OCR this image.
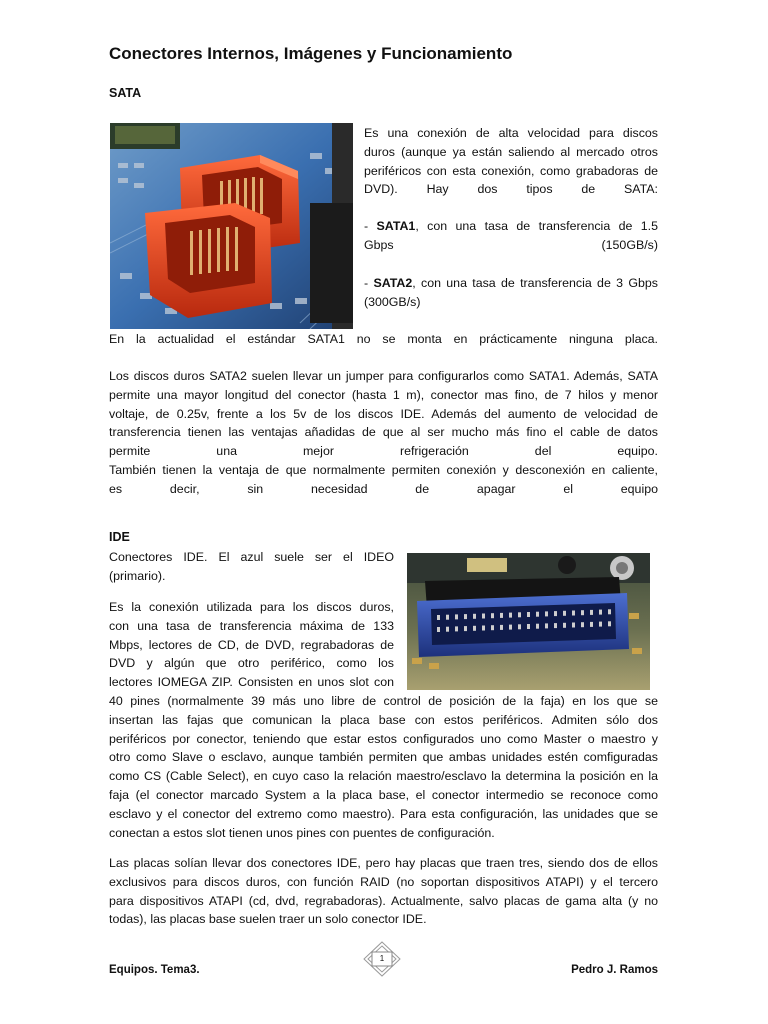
Conectores Internos, Imágenes y Funcionamiento
SATA
Es una conexión de alta velocidad para discos
duros (aunque ya están saliendo al mercado otros
periféricos con esta conexión, como grabadoras de
DVD). Hay dos tipos de SATA:
- SATA1, con una tasa de transferencia de 1.5
Gbps (150GB/s)
- SATA2, con una tasa de transferencia de 3 Gbps
(300GB/s)
En la actualidad el estándar SATA1 no se monta en prácticamente ninguna placa.
Los discos duros SATA2 suelen llevar un jumper para configurarlos como SATA1. Además, SATA
permite una mayor longitud del conector (hasta 1 m), conector mas fino, de 7 hilos y menor
voltaje, de 0.25v, frente a los 5v de los discos IDE. Además del aumento de velocidad de
transferencia tienen las ventajas añadidas de que al ser mucho más fino el cable de datos
permite una mejor refrigeración del equipo.
También tienen la ventaja de que normalmente permiten conexión y desconexión en caliente,
es decir, sin necesidad de apagar el equipo
IDE
Conectores IDE. El azul suele ser el IDEO
(primario).
Es la conexión utilizada para los discos duros,
con una tasa de transferencia máxima de 133
Mbps, lectores de CD, de DVD, regrabadoras de
DVD y algún que otro periférico, como los
lectores IOMEGA ZIP. Consisten en unos slot con
40 pines (normalmente 39 más uno libre de control de posición de la faja) en los que se
insertan las fajas que comunican la placa base con estos periféricos. Admiten sólo dos
periféricos por conector, teniendo que estar estos configurados uno como Master o maestro y
otro como Slave o esclavo, aunque también permiten que ambas unidades estén comfiguradas
como CS (Cable Select), en cuyo caso la relación maestro/esclavo la determina la posición en la
faja (el conector marcado System a la placa base, el conector intermedio se reconoce como
esclavo y el conector del extremo como maestro). Para esta configuración, las unidades que se
conectan a estos slot tienen unos pines con puentes de configuración.
Las placas solían llevar dos conectores IDE, pero hay placas que traen tres, siendo dos de ellos
exclusivos para discos duros, con función RAID (no soportan dispositivos ATAPI) y el tercero
para dispositivos ATAPI (cd, dvd, regrabadoras). Actualmente, salvo placas de gama alta (y no
todas), las placas base suelen traer un solo conector IDE.
Equipos. Tema3.
1
Pedro J. Ramos
